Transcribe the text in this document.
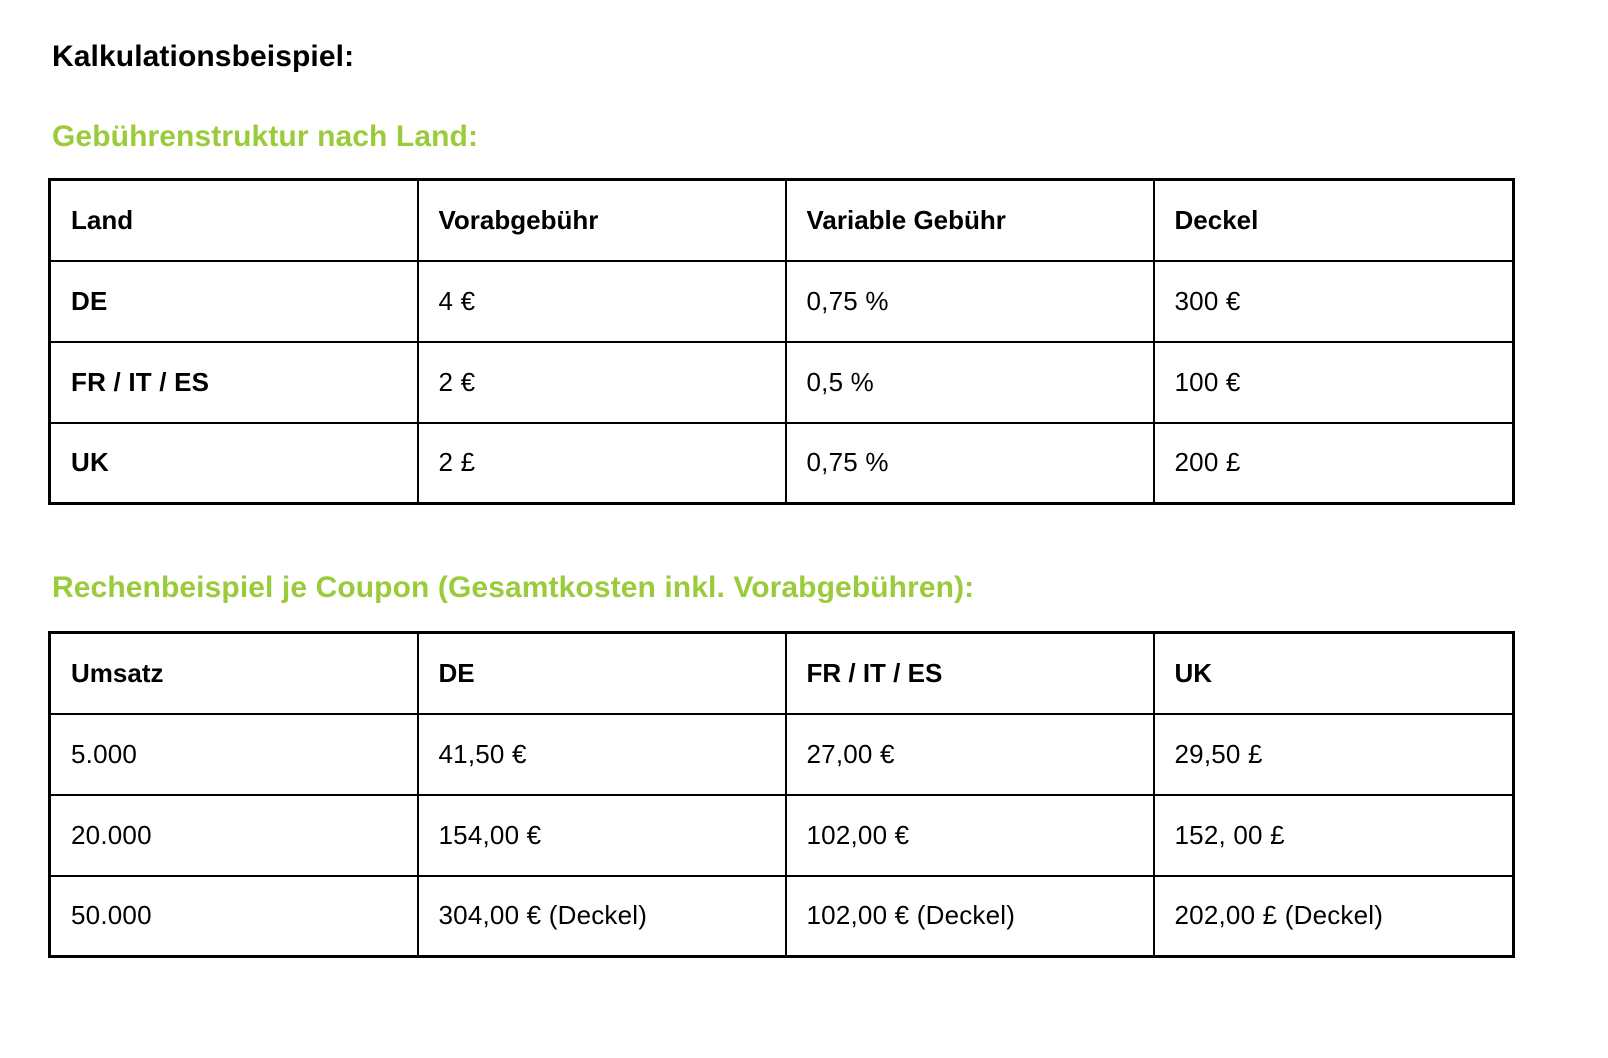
Kalkulationsbeispiel:
Gebührenstruktur nach Land:
Land	Vorabgebühr	Variable Gebühr	Deckel
DE	4 €	0,75 %	300 €
FR / IT / ES	2 €	0,5 %	100 €
UK	2 £	0,75 %	200 £
Rechenbeispiel je Coupon (Gesamtkosten inkl. Vorabgebühren):
Umsatz	DE	FR / IT / ES	UK
5.000	41,50 €	27,00 €	29,50 £
20.000	154,00 €	102,00 €	152, 00 £
50.000	304,00 € (Deckel)	102,00 € (Deckel)	202,00 £ (Deckel)
